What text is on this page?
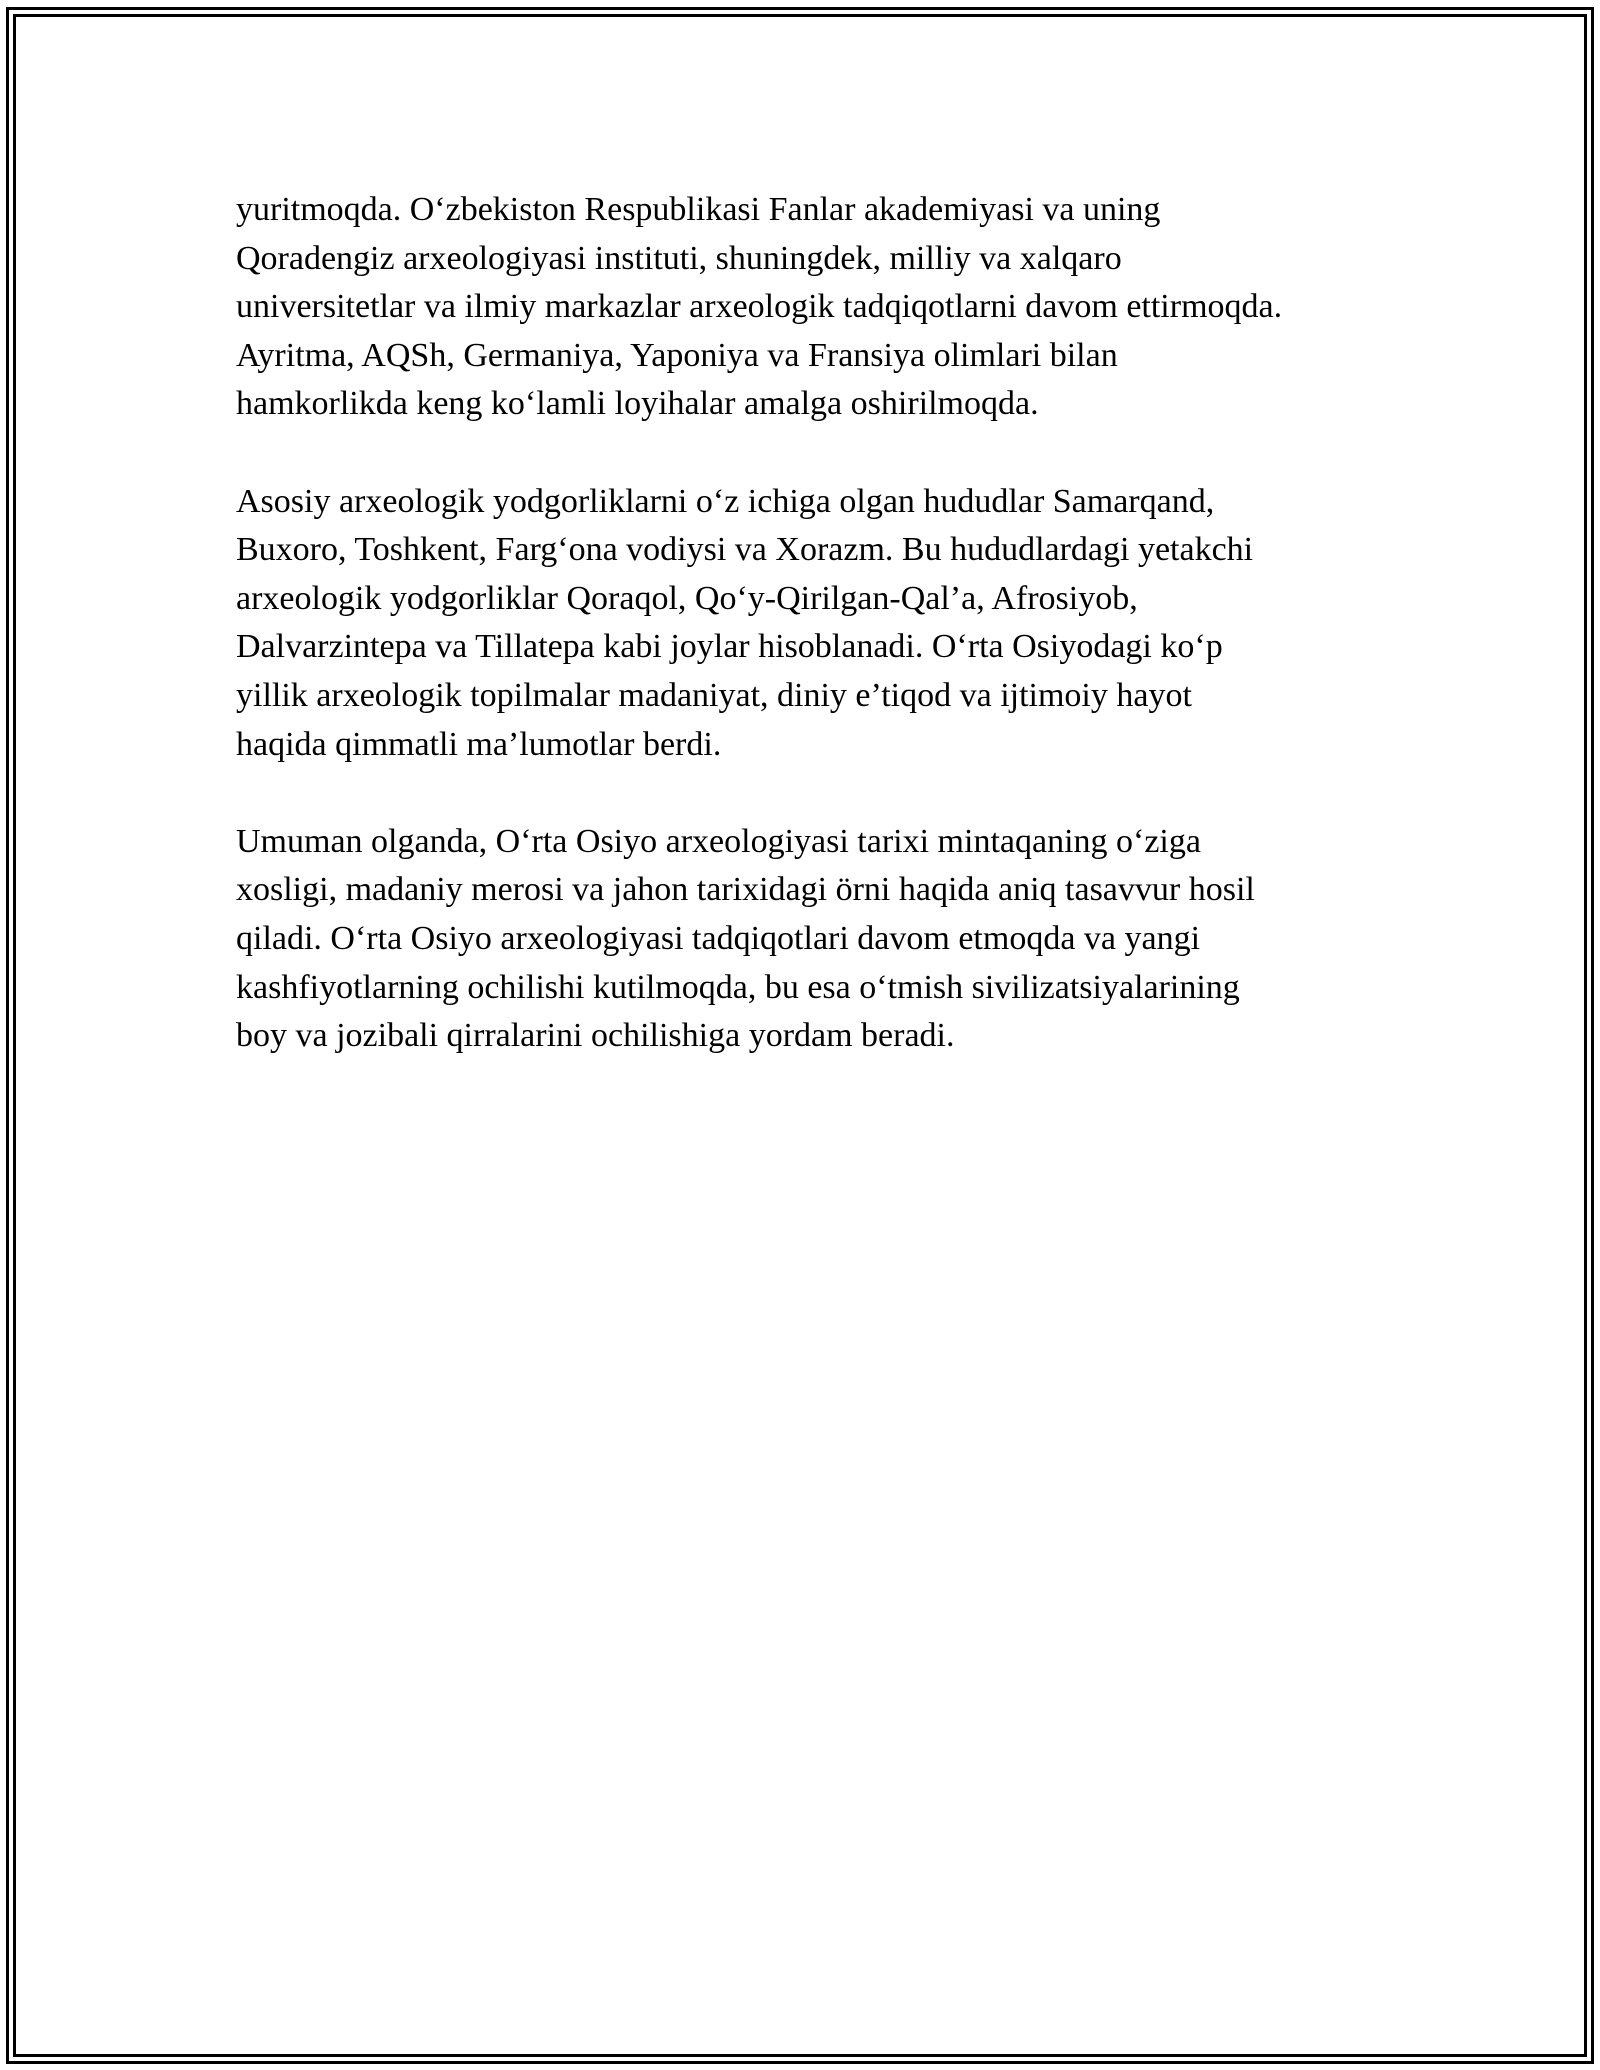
yuritmoqda. O‘zbekiston Respublikasi Fanlar akademiyasi va uning
Qoradengiz arxeologiyasi instituti, shuningdek, milliy va xalqaro
universitetlar va ilmiy markazlar arxeologik tadqiqotlarni davom ettirmoqda.
Ayritma, AQSh, Germaniya, Yaponiya va Fransiya olimlari bilan
hamkorlikda keng ko‘lamli loyihalar amalga oshirilmoqda.

Asosiy arxeologik yodgorliklarni o‘z ichiga olgan hududlar Samarqand,
Buxoro, Toshkent, Farg‘ona vodiysi va Xorazm. Bu hududlardagi yetakchi
arxeologik yodgorliklar Qoraqol, Qo‘y-Qirilgan-Qal’a, Afrosiyob,
Dalvarzintepa va Tillatepa kabi joylar hisoblanadi. O‘rta Osiyodagi ko‘p
yillik arxeologik topilmalar madaniyat, diniy e’tiqod va ijtimoiy hayot
haqida qimmatli ma’lumotlar berdi.

Umuman olganda, O‘rta Osiyo arxeologiyasi tarixi mintaqaning o‘ziga
xosligi, madaniy merosi va jahon tarixidagi örni haqida aniq tasavvur hosil
qiladi. O‘rta Osiyo arxeologiyasi tadqiqotlari davom etmoqda va yangi
kashfiyotlarning ochilishi kutilmoqda, bu esa o‘tmish sivilizatsiyalarining
boy va jozibali qirralarini ochilishiga yordam beradi.
